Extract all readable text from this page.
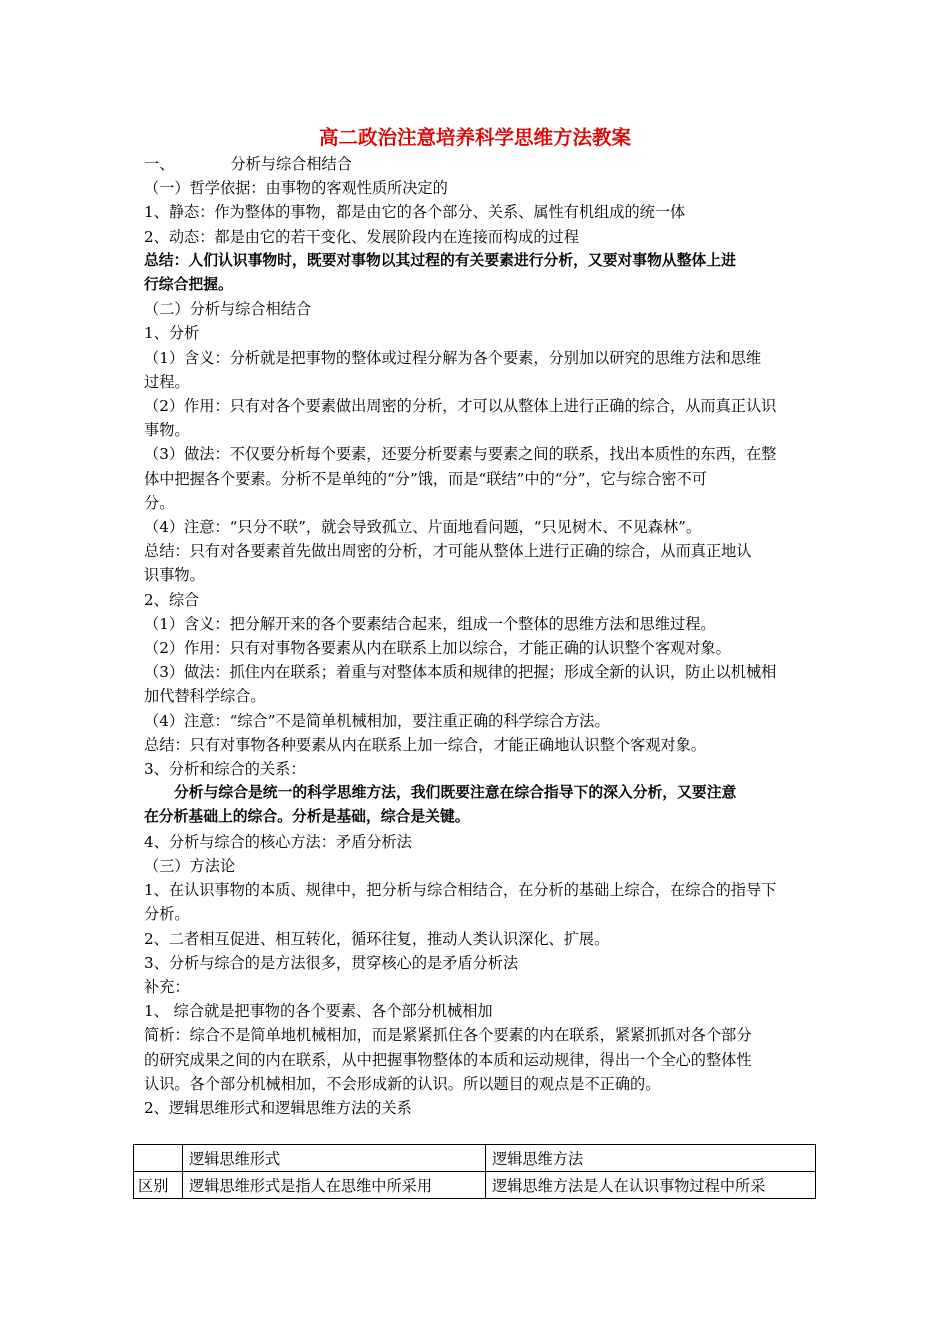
高二政治注意培养科学思维方法教案
一、	分析与综合相结合
（一）哲学依据：由事物的客观性质所决定的
1、静态：作为整体的事物，都是由它的各个部分、关系、属性有机组成的统一体
2、动态：都是由它的若干变化、发展阶段内在连接而构成的过程
总结：人们认识事物时，既要对事物以其过程的有关要素进行分析，又要对事物从整体上进
行综合把握。
（二）分析与综合相结合
1、分析
（1）含义：分析就是把事物的整体或过程分解为各个要素，分别加以研究的思维方法和思维
过程。
（2）作用：只有对各个要素做出周密的分析，才可以从整体上进行正确的综合，从而真正认识
事物。
（3）做法：不仅要分析每个要素，还要分析要素与要素之间的联系，找出本质性的东西，在整
体中把握各个要素。分析不是单纯的“分”饿，而是“联结”中的“分”，它与综合密不可
分。
（4）注意：“只分不联”，就会导致孤立、片面地看问题，“只见树木、不见森林”。
总结：只有对各要素首先做出周密的分析，才可能从整体上进行正确的综合，从而真正地认
识事物。
2、综合
（1）含义：把分解开来的各个要素结合起来，组成一个整体的思维方法和思维过程。
（2）作用：只有对事物各要素从内在联系上加以综合，才能正确的认识整个客观对象。
（3）做法：抓住内在联系；着重与对整体本质和规律的把握；形成全新的认识，防止以机械相
加代替科学综合。
（4）注意：“综合”不是简单机械相加，要注重正确的科学综合方法。
总结：只有对事物各种要素从内在联系上加一综合，才能正确地认识整个客观对象。
3、分析和综合的关系：
分析与综合是统一的科学思维方法，我们既要注意在综合指导下的深入分析，又要注意
在分析基础上的综合。分析是基础，综合是关键。
4、分析与综合的核心方法：矛盾分析法
（三）方法论
1、在认识事物的本质、规律中，把分析与综合相结合，在分析的基础上综合，在综合的指导下
分析。
2、二者相互促进、相互转化，循环往复，推动人类认识深化、扩展。
3、分析与综合的是方法很多，贯穿核心的是矛盾分析法
补充：
1、 综合就是把事物的各个要素、各个部分机械相加
简析：综合不是简单地机械相加，而是紧紧抓住各个要素的内在联系，紧紧抓抓对各个部分
的研究成果之间的内在联系，从中把握事物整体的本质和运动规律，得出一个全心的整体性
认识。各个部分机械相加，不会形成新的认识。所以题目的观点是不正确的。
2、逻辑思维形式和逻辑思维方法的关系
	逻辑思维形式	逻辑思维方法
区别	逻辑思维形式是指人在思维中所采用	逻辑思维方法是人在认识事物过程中所采
